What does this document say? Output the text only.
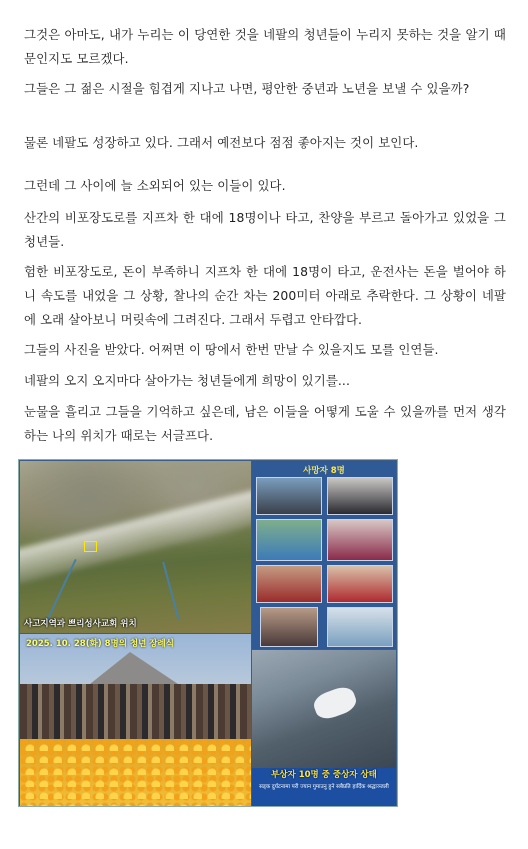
그것은 아마도, 내가 누리는 이 당연한 것을 네팔의 청년들이 누리지 못하는 것을 알기 때문인지도 모르겠다.

그들은 그 젊은 시절을 힘겹게 지나고 나면, 평안한 중년과 노년을 보낼 수 있을까?

물론 네팔도 성장하고 있다. 그래서 예전보다 점점 좋아지는 것이 보인다.

그런데 그 사이에 늘 소외되어 있는 이들이 있다.

산간의 비포장도로를 지프차 한 대에 18명이나 타고, 찬양을 부르고 돌아가고 있었을 그 청년들.

험한 비포장도로, 돈이 부족하니 지프차 한 대에 18명이 타고, 운전사는 돈을 벌어야 하니 속도를 내었을 그 상황, 찰나의 순간 차는 200미터 아래로 추락한다. 그 상황이 네팔에 오래 살아보니 머릿속에 그려진다. 그래서 두렵고 안타깝다.

그들의 사진을 받았다. 어쩌면 이 땅에서 한번 만날 수 있을지도 모를 인연들.

네팔의 오지 오지마다 살아가는 청년들에게 희망이 있기를...

눈물을 흘리고 그들을 기억하고 싶은데, 남은 이들을 어떻게 도울 수 있을까를 먼저 생각하는 나의 위치가 때로는 서글프다.

사고지역과 쁘리성사교회 위치
사망자 8명
2025. 10. 28(화) 8명의 청년 장례식
부상자 10명 중 중상자 상태
सड्क दुर्घटनामा परी ज्यान गुमाउनु हुने सबैप्रति हार्दिक श्रद्धाञ्जली
